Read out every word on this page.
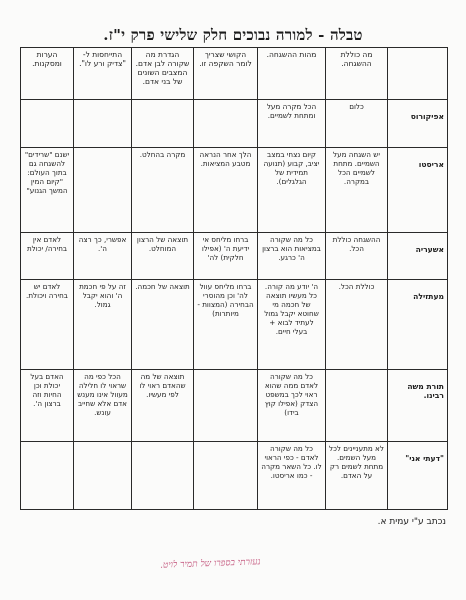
טבלה - למורה נבוכים חלק שלישי פרק י"ז.
	מה כוללת ההשגחה.	מהות ההשגחה.	הקושי שצריך לומר השקפה זו.	הגדרת מה שקורה לבן אדם. המצבים השונים של בני אדם.	התייחסות ל- "צדיק ורע לו".	הערות ומסקנות.
אפיקורוס	כלום	הכל מקרה מעל ומתחת לשמיים.				
אריסטו	יש השגחה מעל השמיים. מתחת לשמיים הכל במקרה.	קיום נצחי במצב יציב, קבוע (תנועה תמידית של הגלגלים).	הלך אחר הנראה מטבע המציאות.	מקרה בהחלט.		ישנם "שרידים" להשגחה גם בתוך העולם: "קיום המין המשך הגנוע"
אשעריה	ההשגחה כוללת הכל.	כל מה שקורה במציאות הוא ברצון ה' כרגע.	ברחו מליחס אי ידיעת ה' (אפילו חלקית) לה'	תוצאה של הרצון המוחלט.	אפשרי, כך רצה ה'.	לאדם אין בחירה/ יכולת
מעתזילה	כוללת הכל.	ה' יודע מה קורה. כל מעשיו תוצאה של חכמה מי שחוטא יקבל גמול לעתיד לבוא + בעלי חיים.	ברחו מליחס עוול לה' וכן מהוסרי הבחירה (המצוות - מיותרות)	תוצאה של חכמה.	זה על פי חכמת ה' והוא יקבל גמול.	לאדם יש בחירה ויכולת.
תורת משה רבינו.		כל מה שקורה לאדם ממה שהוא ראוי לכך במשפט הצדק (אפילו קוץ בידו)		תוצאה של מה שהאדם ראוי לו לפי מעשיו.	הכל כפי מה שראוי לו חלילה מעוול אינו מענש אדם אלא שחייב עונש.	האדם בעל יכולת וכן החיות וזה ברצון ה'.
"דעתי אני"	לא מתעניינים לכל מעל השמים. מתחת לשמים רק על האדם.	כל מה שקורה לאדם - כפי הראוי לו. כל השאר מקרה - כמו אריסטו.				
נכתב ע"י עמית א.
נעזרתי בספרו של תמיר לויט.
